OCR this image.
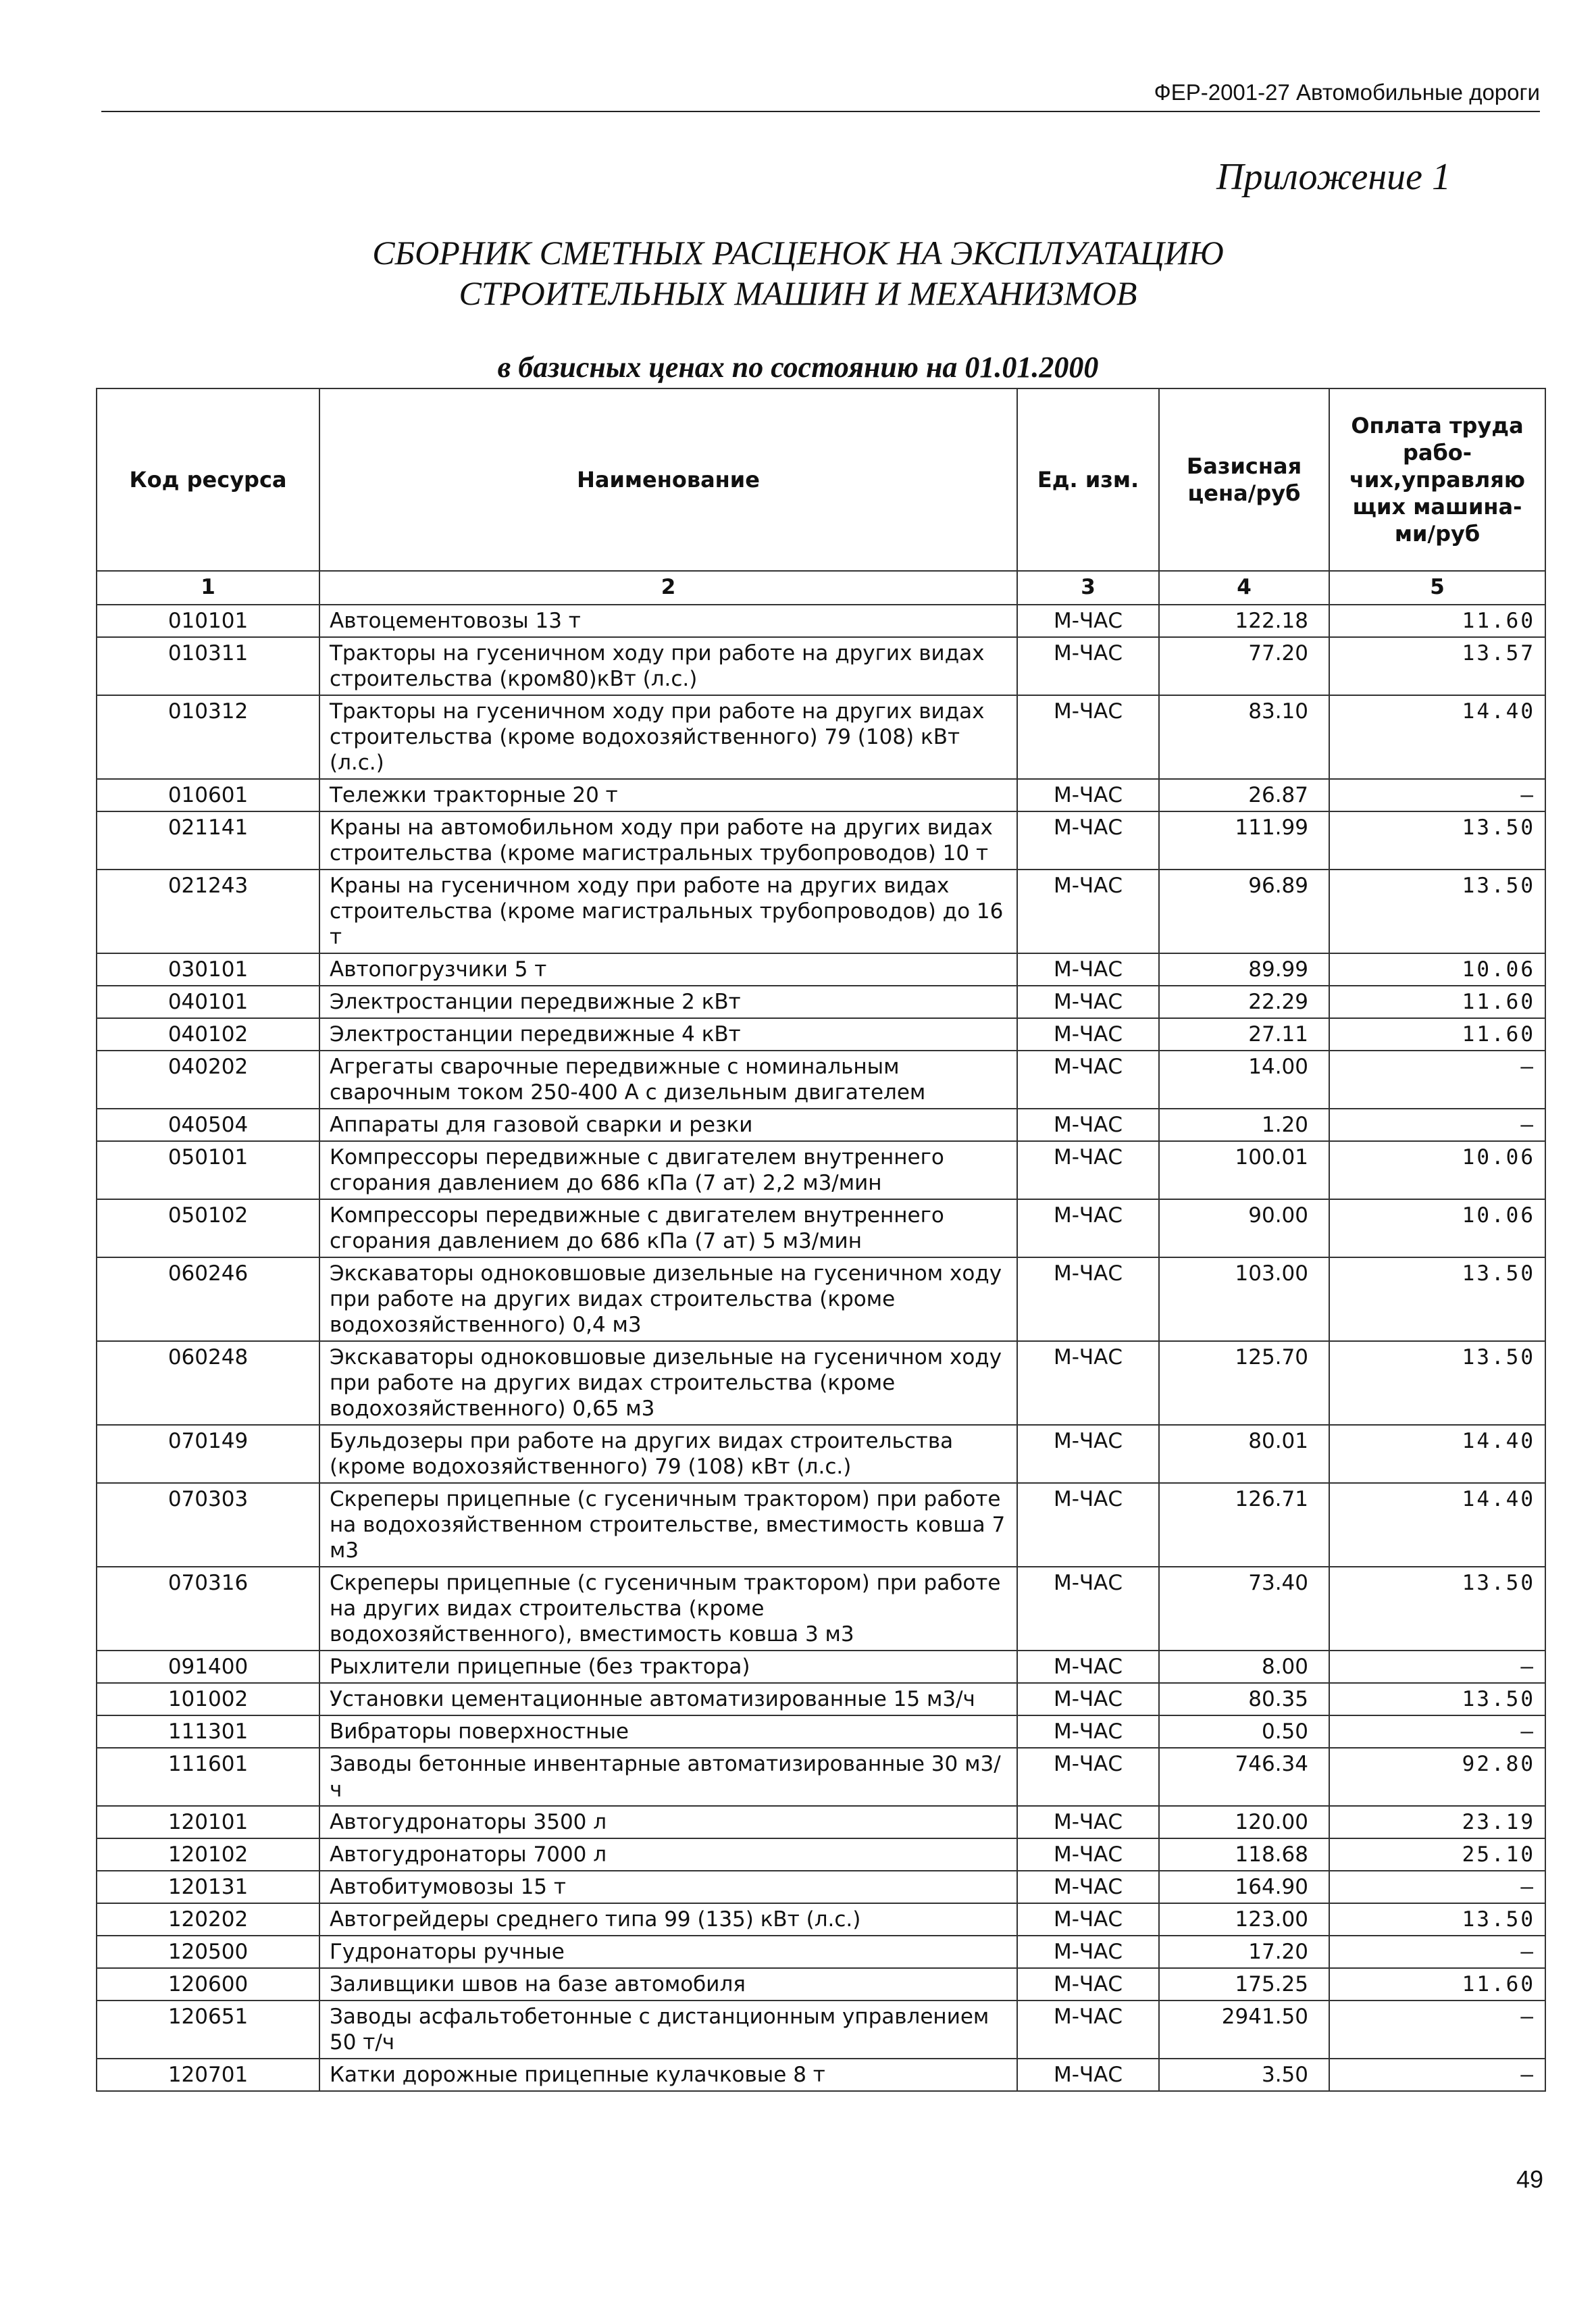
ФЕР-2001-27 Автомобильные дороги
Приложение 1
СБОРНИК СМЕТНЫХ РАСЦЕНОК НА ЭКСПЛУАТАЦИЮ
СТРОИТЕЛЬНЫХ МАШИН И МЕХАНИЗМОВ
в базисных ценах по состоянию на 01.01.2000
Код ресурса	Наименование	Ед. изм.	Базисная цена/руб	Оплата труда рабо-чих,управляю щих машина-ми/руб
1	2	3	4	5
010101	Автоцементовозы 13 т	М-ЧАС	122.18	11.60
010311	Тракторы на гусеничном ходу при работе на других видах строительства (кром80)кВт (л.с.)	М-ЧАС	77.20	13.57
010312	Тракторы на гусеничном ходу при работе на других видах строительства (кроме водохозяйственного) 79 (108) кВт (л.с.)	М-ЧАС	83.10	14.40
010601	Тележки тракторные 20 т	М-ЧАС	26.87	–
021141	Краны на автомобильном ходу при работе на других видах строительства (кроме магистральных трубопроводов) 10 т	М-ЧАС	111.99	13.50
021243	Краны на гусеничном ходу при работе на других видах строительства (кроме магистральных трубопроводов) до 16 т	М-ЧАС	96.89	13.50
030101	Автопогрузчики 5 т	М-ЧАС	89.99	10.06
040101	Электростанции передвижные 2 кВт	М-ЧАС	22.29	11.60
040102	Электростанции передвижные 4 кВт	М-ЧАС	27.11	11.60
040202	Агрегаты сварочные передвижные с номинальным сварочным током 250-400 А с дизельным двигателем	М-ЧАС	14.00	–
040504	Аппараты для газовой сварки и резки	М-ЧАС	1.20	–
050101	Компрессоры передвижные с двигателем внутреннего сгорания давлением до 686 кПа (7 ат) 2,2 м3/мин	М-ЧАС	100.01	10.06
050102	Компрессоры передвижные с двигателем внутреннего сгорания давлением до 686 кПа (7 ат) 5 м3/мин	М-ЧАС	90.00	10.06
060246	Экскаваторы одноковшовые дизельные на гусеничном ходу при работе на других видах строительства (кроме водохозяйственного) 0,4 м3	М-ЧАС	103.00	13.50
060248	Экскаваторы одноковшовые дизельные на гусеничном ходу при работе на других видах строительства (кроме водохозяйственного) 0,65 м3	М-ЧАС	125.70	13.50
070149	Бульдозеры при работе на других видах строительства (кроме водохозяйственного) 79 (108) кВт (л.с.)	М-ЧАС	80.01	14.40
070303	Скреперы прицепные (с гусеничным трактором) при работе на водохозяйственном строительстве, вместимость ковша 7 м3	М-ЧАС	126.71	14.40
070316	Скреперы прицепные (с гусеничным трактором) при работе на других видах строительства (кроме водохозяйственного), вместимость ковша 3 м3	М-ЧАС	73.40	13.50
091400	Рыхлители прицепные (без трактора)	М-ЧАС	8.00	–
101002	Установки цементационные автоматизированные 15 м3/ч	М-ЧАС	80.35	13.50
111301	Вибраторы поверхностные	М-ЧАС	0.50	–
111601	Заводы бетонные инвентарные автоматизированные 30 м3/ч	М-ЧАС	746.34	92.80
120101	Автогудронаторы 3500 л	М-ЧАС	120.00	23.19
120102	Автогудронаторы 7000 л	М-ЧАС	118.68	25.10
120131	Автобитумовозы 15 т	М-ЧАС	164.90	–
120202	Автогрейдеры среднего типа 99 (135) кВт (л.с.)	М-ЧАС	123.00	13.50
120500	Гудронаторы ручные	М-ЧАС	17.20	–
120600	Заливщики швов на базе автомобиля	М-ЧАС	175.25	11.60
120651	Заводы асфальтобетонные с дистанционным управлением 50 т/ч	М-ЧАС	2941.50	–
120701	Катки дорожные прицепные кулачковые 8 т	М-ЧАС	3.50	–
49
